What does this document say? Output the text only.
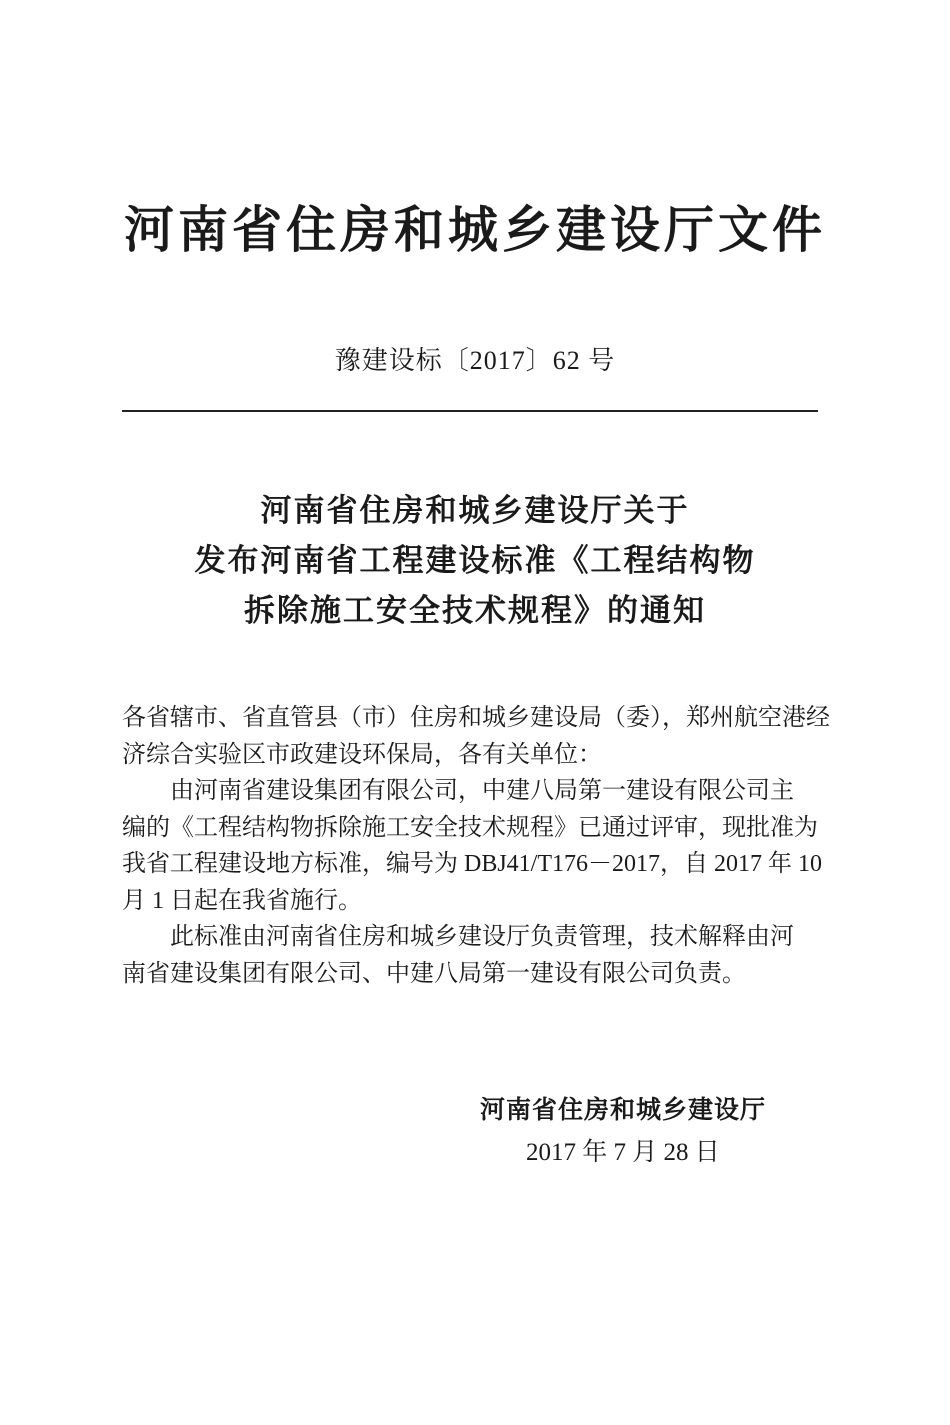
河南省住房和城乡建设厅文件
豫建设标〔2017〕62 号
河南省住房和城乡建设厅关于
发布河南省工程建设标准《工程结构物
拆除施工安全技术规程》的通知
各省辖市、省直管县（市）住房和城乡建设局（委），郑州航空港经
济综合实验区市政建设环保局，各有关单位：
由河南省建设集团有限公司，中建八局第一建设有限公司主
编的《工程结构物拆除施工安全技术规程》已通过评审，现批准为
我省工程建设地方标准，编号为 DBJ41/T176－2017，自 2017 年 10
月 1 日起在我省施行。
此标准由河南省住房和城乡建设厅负责管理，技术解释由河
南省建设集团有限公司、中建八局第一建设有限公司负责。
河南省住房和城乡建设厅
2017 年 7 月 28 日
